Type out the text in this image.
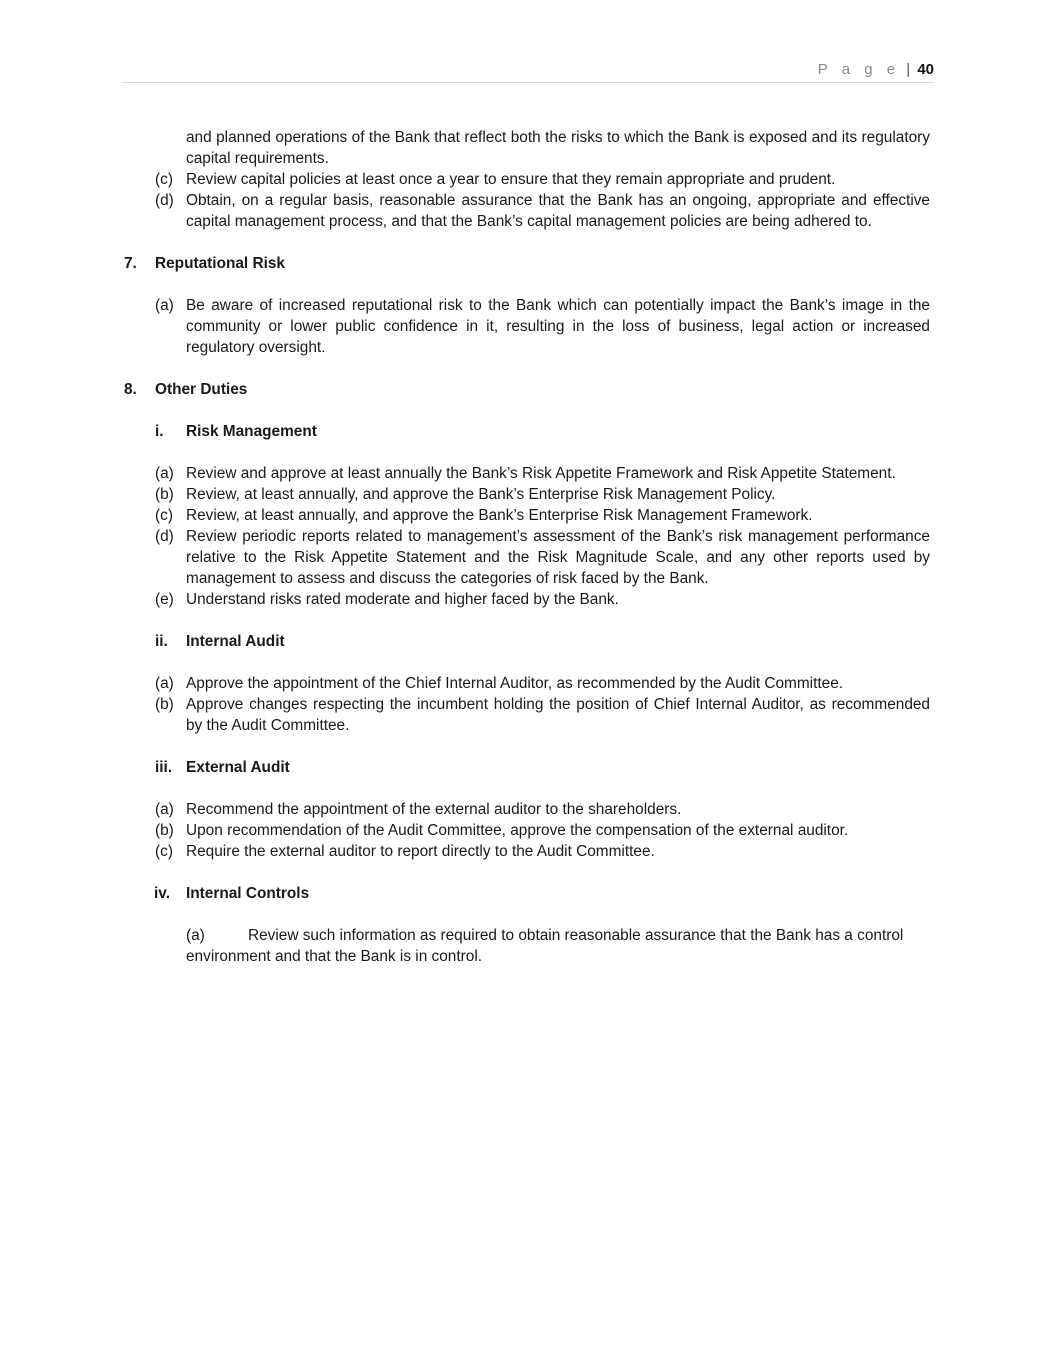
P a g e | 40
and planned operations of the Bank that reflect both the risks to which the Bank is exposed and its regulatory capital requirements.
(c) Review capital policies at least once a year to ensure that they remain appropriate and prudent.
(d) Obtain, on a regular basis, reasonable assurance that the Bank has an ongoing, appropriate and effective capital management process, and that the Bank’s capital management policies are being adhered to.
7. Reputational Risk
(a) Be aware of increased reputational risk to the Bank which can potentially impact the Bank’s image in the community or lower public confidence in it, resulting in the loss of business, legal action or increased regulatory oversight.
8. Other Duties
i. Risk Management
(a) Review and approve at least annually the Bank’s Risk Appetite Framework and Risk Appetite Statement.
(b) Review, at least annually, and approve the Bank’s Enterprise Risk Management Policy.
(c) Review, at least annually, and approve the Bank’s Enterprise Risk Management Framework.
(d) Review periodic reports related to management’s assessment of the Bank’s risk management performance relative to the Risk Appetite Statement and the Risk Magnitude Scale, and any other reports used by management to assess and discuss the categories of risk faced by the Bank.
(e) Understand risks rated moderate and higher faced by the Bank.
ii. Internal Audit
(a) Approve the appointment of the Chief Internal Auditor, as recommended by the Audit Committee.
(b) Approve changes respecting the incumbent holding the position of Chief Internal Auditor, as recommended by the Audit Committee.
iii. External Audit
(a) Recommend the appointment of the external auditor to the shareholders.
(b) Upon recommendation of the Audit Committee, approve the compensation of the external auditor.
(c) Require the external auditor to report directly to the Audit Committee.
iv. Internal Controls
(a)	Review such information as required to obtain reasonable assurance that the Bank has a control environment and that the Bank is in control.
